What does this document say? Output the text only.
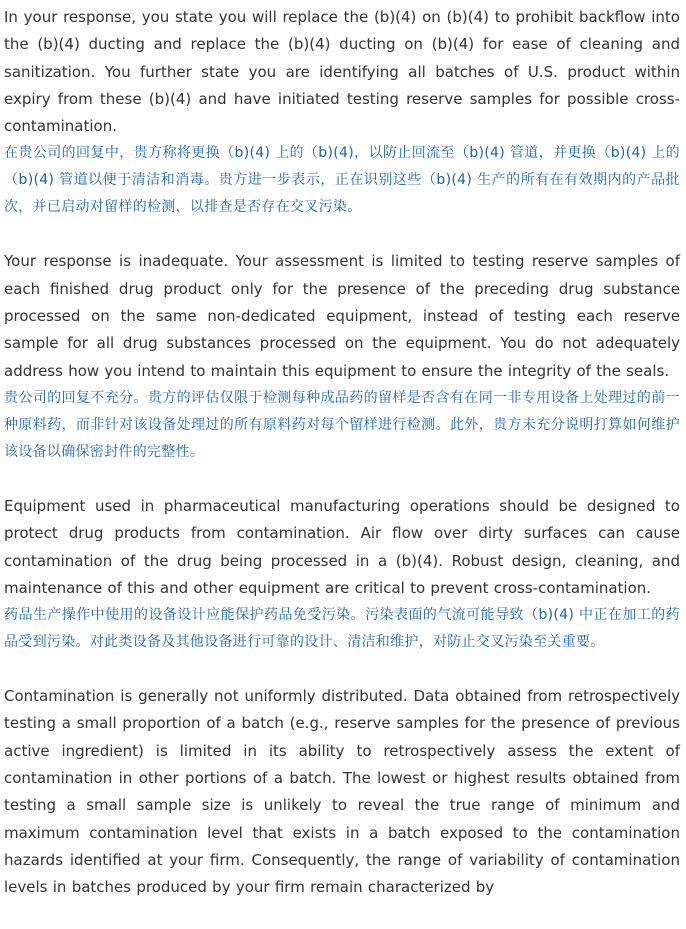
In your response, you state you will replace the (b)(4) on (b)(4) to prohibit backflow into the (b)(4) ducting and replace the (b)(4) ducting on (b)(4) for ease of cleaning and sanitization. You further state you are identifying all batches of U.S. product within expiry from these (b)(4) and have initiated testing reserve samples for possible cross-contamination.

在贵公司的回复中，贵方称将更换（b)(4) 上的（b)(4)，以防止回流至（b)(4) 管道，并更换（b)(4) 上的（b)(4) 管道以便于清洁和消毒。贵方进一步表示，正在识别这些（b)(4) 生产的所有在有效期内的产品批次，并已启动对留样的检测，以排查是否存在交叉污染。

Your response is inadequate. Your assessment is limited to testing reserve samples of each finished drug product only for the presence of the preceding drug substance processed on the same non-dedicated equipment, instead of testing each reserve sample for all drug substances processed on the equipment. You do not adequately address how you intend to maintain this equipment to ensure the integrity of the seals.

贵公司的回复不充分。贵方的评估仅限于检测每种成品药的留样是否含有在同一非专用设备上处理过的前一种原料药，而非针对该设备处理过的所有原料药对每个留样进行检测。此外，贵方未充分说明打算如何维护该设备以确保密封件的完整性。

Equipment used in pharmaceutical manufacturing operations should be designed to protect drug products from contamination. Air flow over dirty surfaces can cause contamination of the drug being processed in a (b)(4). Robust design, cleaning, and maintenance of this and other equipment are critical to prevent cross-contamination.

药品生产操作中使用的设备设计应能保护药品免受污染。污染表面的气流可能导致（b)(4) 中正在加工的药品受到污染。对此类设备及其他设备进行可靠的设计、清洁和维护，对防止交叉污染至关重要。

Contamination is generally not uniformly distributed. Data obtained from retrospectively testing a small proportion of a batch (e.g., reserve samples for the presence of previous active ingredient) is limited in its ability to retrospectively assess the extent of contamination in other portions of a batch. The lowest or highest results obtained from testing a small sample size is unlikely to reveal the true range of minimum and maximum contamination level that exists in a batch exposed to the contamination hazards identified at your firm. Consequently, the range of variability of contamination levels in batches produced by your firm remain characterized by
